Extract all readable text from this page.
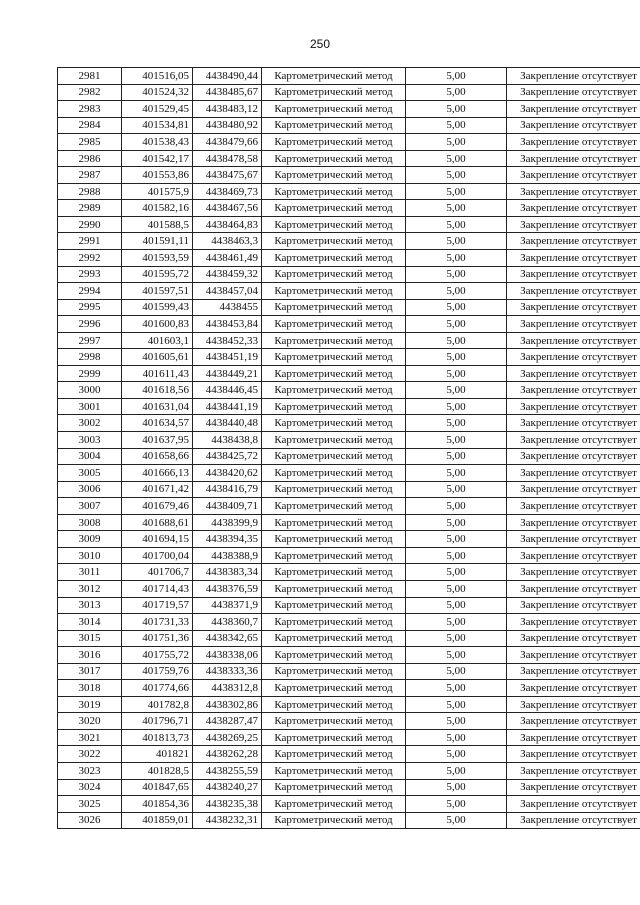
250
2981	401516,05	4438490,44	Картометрический метод	5,00	Закрепление отсутствует
2982	401524,32	4438485,67	Картометрический метод	5,00	Закрепление отсутствует
2983	401529,45	4438483,12	Картометрический метод	5,00	Закрепление отсутствует
2984	401534,81	4438480,92	Картометрический метод	5,00	Закрепление отсутствует
2985	401538,43	4438479,66	Картометрический метод	5,00	Закрепление отсутствует
2986	401542,17	4438478,58	Картометрический метод	5,00	Закрепление отсутствует
2987	401553,86	4438475,67	Картометрический метод	5,00	Закрепление отсутствует
2988	401575,9	4438469,73	Картометрический метод	5,00	Закрепление отсутствует
2989	401582,16	4438467,56	Картометрический метод	5,00	Закрепление отсутствует
2990	401588,5	4438464,83	Картометрический метод	5,00	Закрепление отсутствует
2991	401591,11	4438463,3	Картометрический метод	5,00	Закрепление отсутствует
2992	401593,59	4438461,49	Картометрический метод	5,00	Закрепление отсутствует
2993	401595,72	4438459,32	Картометрический метод	5,00	Закрепление отсутствует
2994	401597,51	4438457,04	Картометрический метод	5,00	Закрепление отсутствует
2995	401599,43	4438455	Картометрический метод	5,00	Закрепление отсутствует
2996	401600,83	4438453,84	Картометрический метод	5,00	Закрепление отсутствует
2997	401603,1	4438452,33	Картометрический метод	5,00	Закрепление отсутствует
2998	401605,61	4438451,19	Картометрический метод	5,00	Закрепление отсутствует
2999	401611,43	4438449,21	Картометрический метод	5,00	Закрепление отсутствует
3000	401618,56	4438446,45	Картометрический метод	5,00	Закрепление отсутствует
3001	401631,04	4438441,19	Картометрический метод	5,00	Закрепление отсутствует
3002	401634,57	4438440,48	Картометрический метод	5,00	Закрепление отсутствует
3003	401637,95	4438438,8	Картометрический метод	5,00	Закрепление отсутствует
3004	401658,66	4438425,72	Картометрический метод	5,00	Закрепление отсутствует
3005	401666,13	4438420,62	Картометрический метод	5,00	Закрепление отсутствует
3006	401671,42	4438416,79	Картометрический метод	5,00	Закрепление отсутствует
3007	401679,46	4438409,71	Картометрический метод	5,00	Закрепление отсутствует
3008	401688,61	4438399,9	Картометрический метод	5,00	Закрепление отсутствует
3009	401694,15	4438394,35	Картометрический метод	5,00	Закрепление отсутствует
3010	401700,04	4438388,9	Картометрический метод	5,00	Закрепление отсутствует
3011	401706,7	4438383,34	Картометрический метод	5,00	Закрепление отсутствует
3012	401714,43	4438376,59	Картометрический метод	5,00	Закрепление отсутствует
3013	401719,57	4438371,9	Картометрический метод	5,00	Закрепление отсутствует
3014	401731,33	4438360,7	Картометрический метод	5,00	Закрепление отсутствует
3015	401751,36	4438342,65	Картометрический метод	5,00	Закрепление отсутствует
3016	401755,72	4438338,06	Картометрический метод	5,00	Закрепление отсутствует
3017	401759,76	4438333,36	Картометрический метод	5,00	Закрепление отсутствует
3018	401774,66	4438312,8	Картометрический метод	5,00	Закрепление отсутствует
3019	401782,8	4438302,86	Картометрический метод	5,00	Закрепление отсутствует
3020	401796,71	4438287,47	Картометрический метод	5,00	Закрепление отсутствует
3021	401813,73	4438269,25	Картометрический метод	5,00	Закрепление отсутствует
3022	401821	4438262,28	Картометрический метод	5,00	Закрепление отсутствует
3023	401828,5	4438255,59	Картометрический метод	5,00	Закрепление отсутствует
3024	401847,65	4438240,27	Картометрический метод	5,00	Закрепление отсутствует
3025	401854,36	4438235,38	Картометрический метод	5,00	Закрепление отсутствует
3026	401859,01	4438232,31	Картометрический метод	5,00	Закрепление отсутствует
